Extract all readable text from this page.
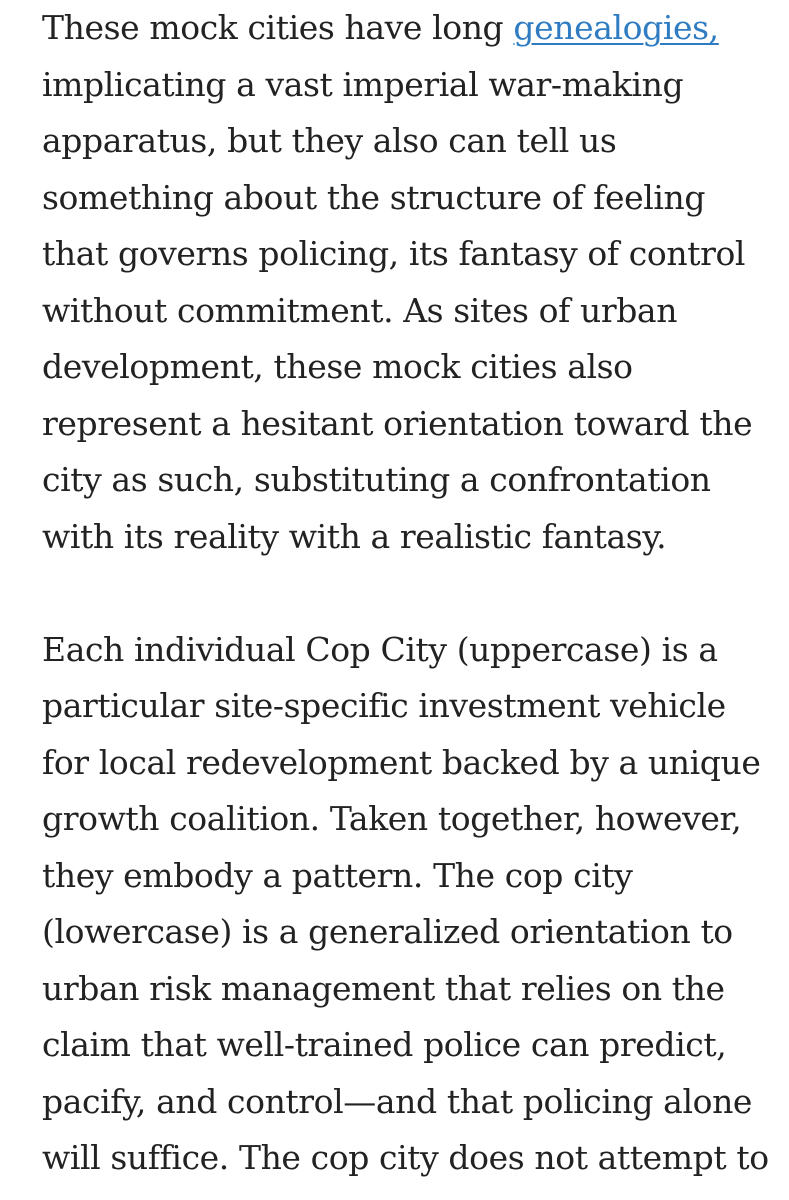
These mock cities have long genealogies,
implicating a vast imperial war-making
apparatus, but they also can tell us
something about the structure of feeling
that governs policing, its fantasy of control
without commitment. As sites of urban
development, these mock cities also
represent a hesitant orientation toward the
city as such, substituting a confrontation
with its reality with a realistic fantasy.

Each individual Cop City (uppercase) is a
particular site-specific investment vehicle
for local redevelopment backed by a unique
growth coalition. Taken together, however,
they embody a pattern. The cop city
(lowercase) is a generalized orientation to
urban risk management that relies on the
claim that well-trained police can predict,
pacify, and control—and that policing alone
will suffice. The cop city does not attempt to
